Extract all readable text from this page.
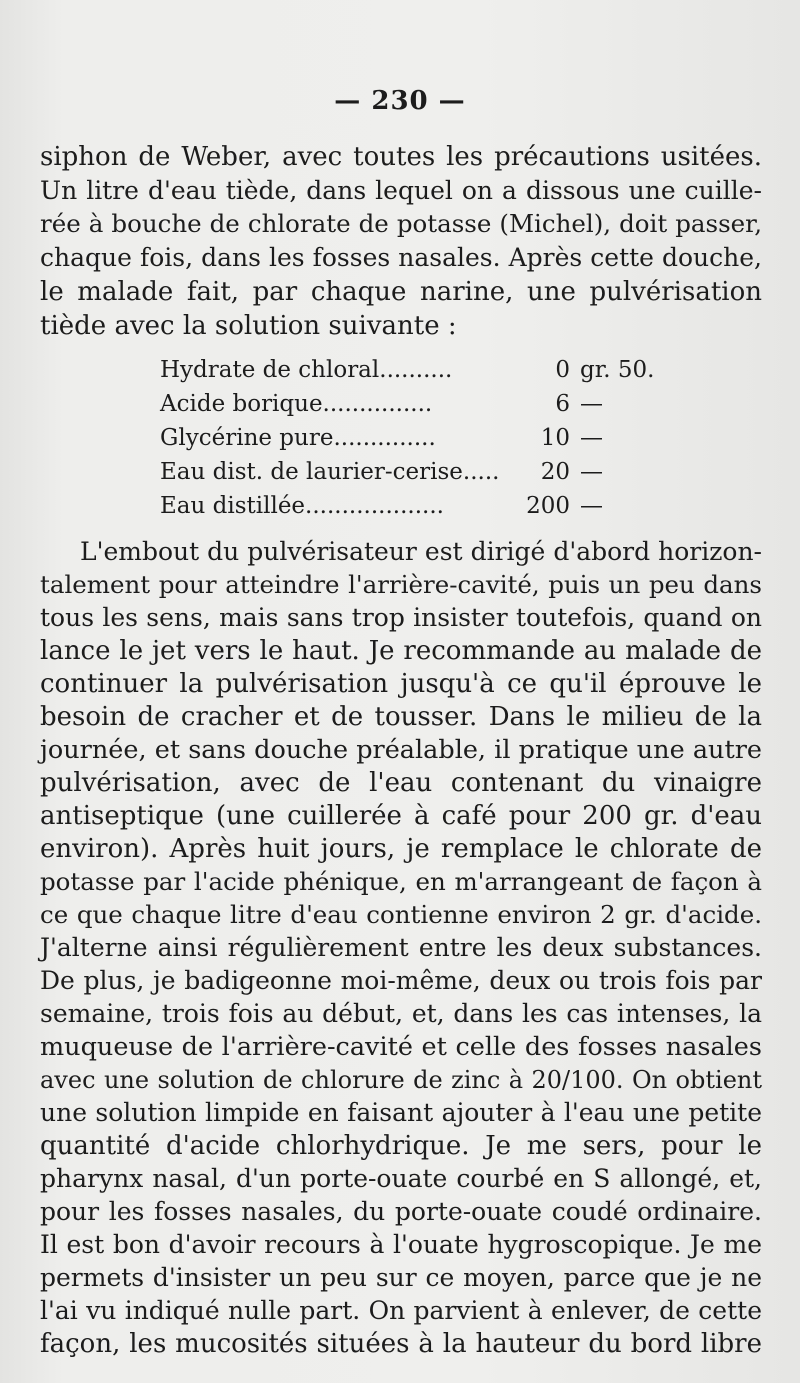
— 230 —
siphon de Weber, avec toutes les précautions usitées.
Un litre d'eau tiède, dans lequel on a dissous une cuille-
rée à bouche de chlorate de potasse (Michel), doit passer,
chaque fois, dans les fosses nasales. Après cette douche,
le malade fait, par chaque narine, une pulvérisation
tiède avec la solution suivante :
Hydrate de chloral..........	0 gr. 50.
Acide borique...............	6 —
Glycérine pure..............	10 —
Eau dist. de laurier-cerise..... 20 —
Eau distillée...................	200 —
L'embout du pulvérisateur est dirigé d'abord horizon-
talement pour atteindre l'arrière-cavité, puis un peu dans
tous les sens, mais sans trop insister toutefois, quand on
lance le jet vers le haut. Je recommande au malade de
continuer la pulvérisation jusqu'à ce qu'il éprouve le
besoin de cracher et de tousser. Dans le milieu de la
journée, et sans douche préalable, il pratique une autre
pulvérisation, avec de l'eau contenant du vinaigre
antiseptique (une cuillerée à café pour 200 gr. d'eau
environ). Après huit jours, je remplace le chlorate de
potasse par l'acide phénique, en m'arrangeant de façon à
ce que chaque litre d'eau contienne environ 2 gr. d'acide.
J'alterne ainsi régulièrement entre les deux substances.
De plus, je badigeonne moi-même, deux ou trois fois par
semaine, trois fois au début, et, dans les cas intenses, la
muqueuse de l'arrière-cavité et celle des fosses nasales
avec une solution de chlorure de zinc à 20/100. On obtient
une solution limpide en faisant ajouter à l'eau une petite
quantité d'acide chlorhydrique. Je me sers, pour le
pharynx nasal, d'un porte-ouate courbé en S allongé, et,
pour les fosses nasales, du porte-ouate coudé ordinaire.
Il est bon d'avoir recours à l'ouate hygroscopique. Je me
permets d'insister un peu sur ce moyen, parce que je ne
l'ai vu indiqué nulle part. On parvient à enlever, de cette
façon, les mucosités situées à la hauteur du bord libre
